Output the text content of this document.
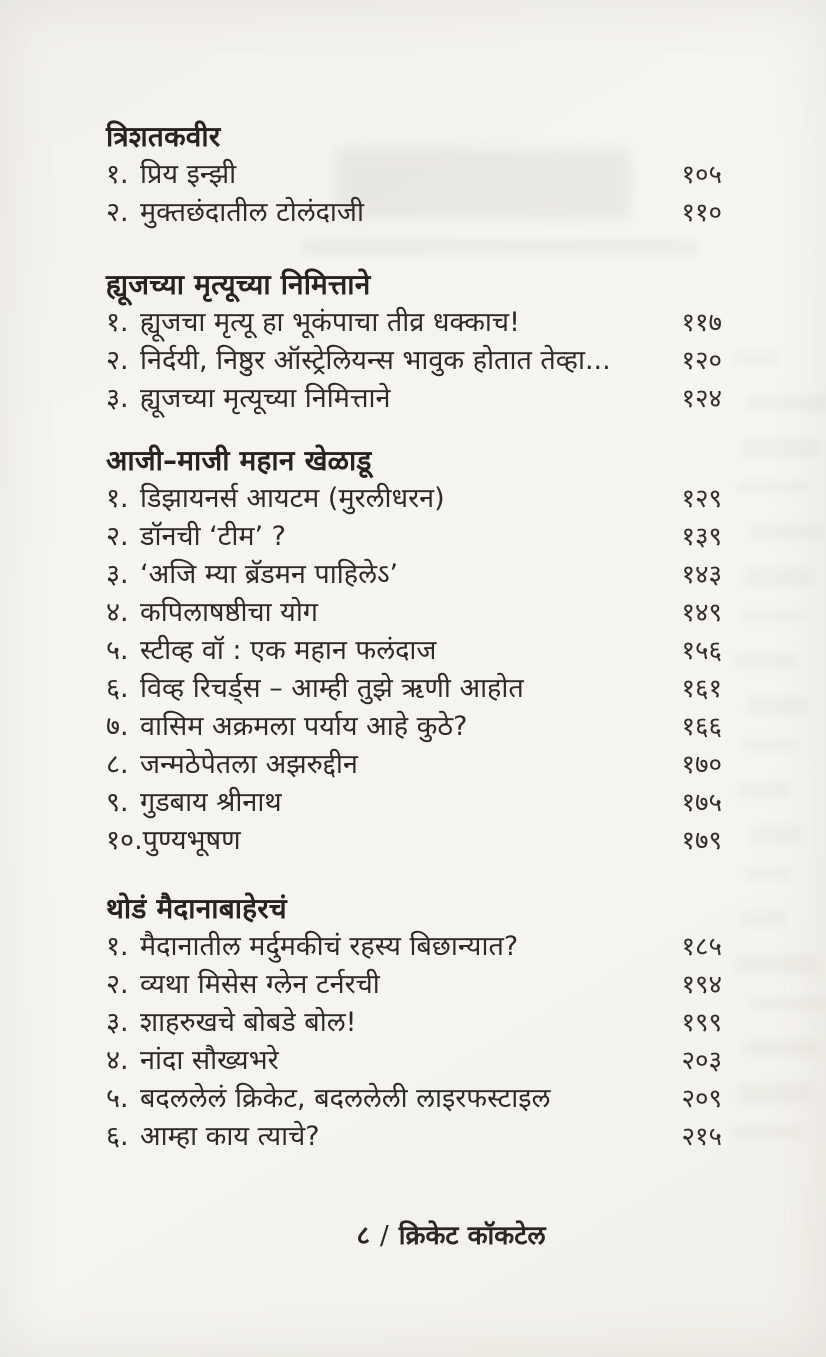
त्रिशतकवीर
१. प्रिय इन्झी	१०५
२. मुक्तछंदातील टोलंदाजी	११०
ह्यूजच्या मृत्यूच्या निमित्ताने
१. ह्यूजचा मृत्यू हा भूकंपाचा तीव्र धक्काच!	११७
२. निर्दयी, निष्ठुर ऑस्ट्रेलियन्स भावुक होतात तेव्हा...	१२०
३. ह्यूजच्या मृत्यूच्या निमित्ताने	१२४
आजी–माजी महान खेळाडू
१. डिझायनर्स आयटम (मुरलीधरन)	१२९
२. डॉनची ‘टीम’ ?	१३९
३. ‘अजि म्या ब्रॅडमन पाहिलेऽ’	१४३
४. कपिलाषष्ठीचा योग	१४९
५. स्टीव्ह वॉ : एक महान फलंदाज	१५६
६. विव्ह रिचर्ड्स – आम्ही तुझे ऋणी आहोत	१६१
७. वासिम अक्रमला पर्याय आहे कुठे?	१६६
८. जन्मठेपेतला अझरुद्दीन	१७०
९. गुडबाय श्रीनाथ	१७५
१०. पुण्यभूषण	१७९
थोडं मैदानाबाहेरचं
१. मैदानातील मर्दुमकीचं रहस्य बिछान्यात?	१८५
२. व्यथा मिसेस ग्लेन टर्नरची	१९४
३. शाहरुखचे बोबडे बोल!	१९९
४. नांदा सौख्यभरे	२०३
५. बदललेलं क्रिकेट, बदललेली लाइरफस्टाइल	२०९
६. आम्हा काय त्याचे?	२१५
८ / क्रिकेट कॉकटेल
